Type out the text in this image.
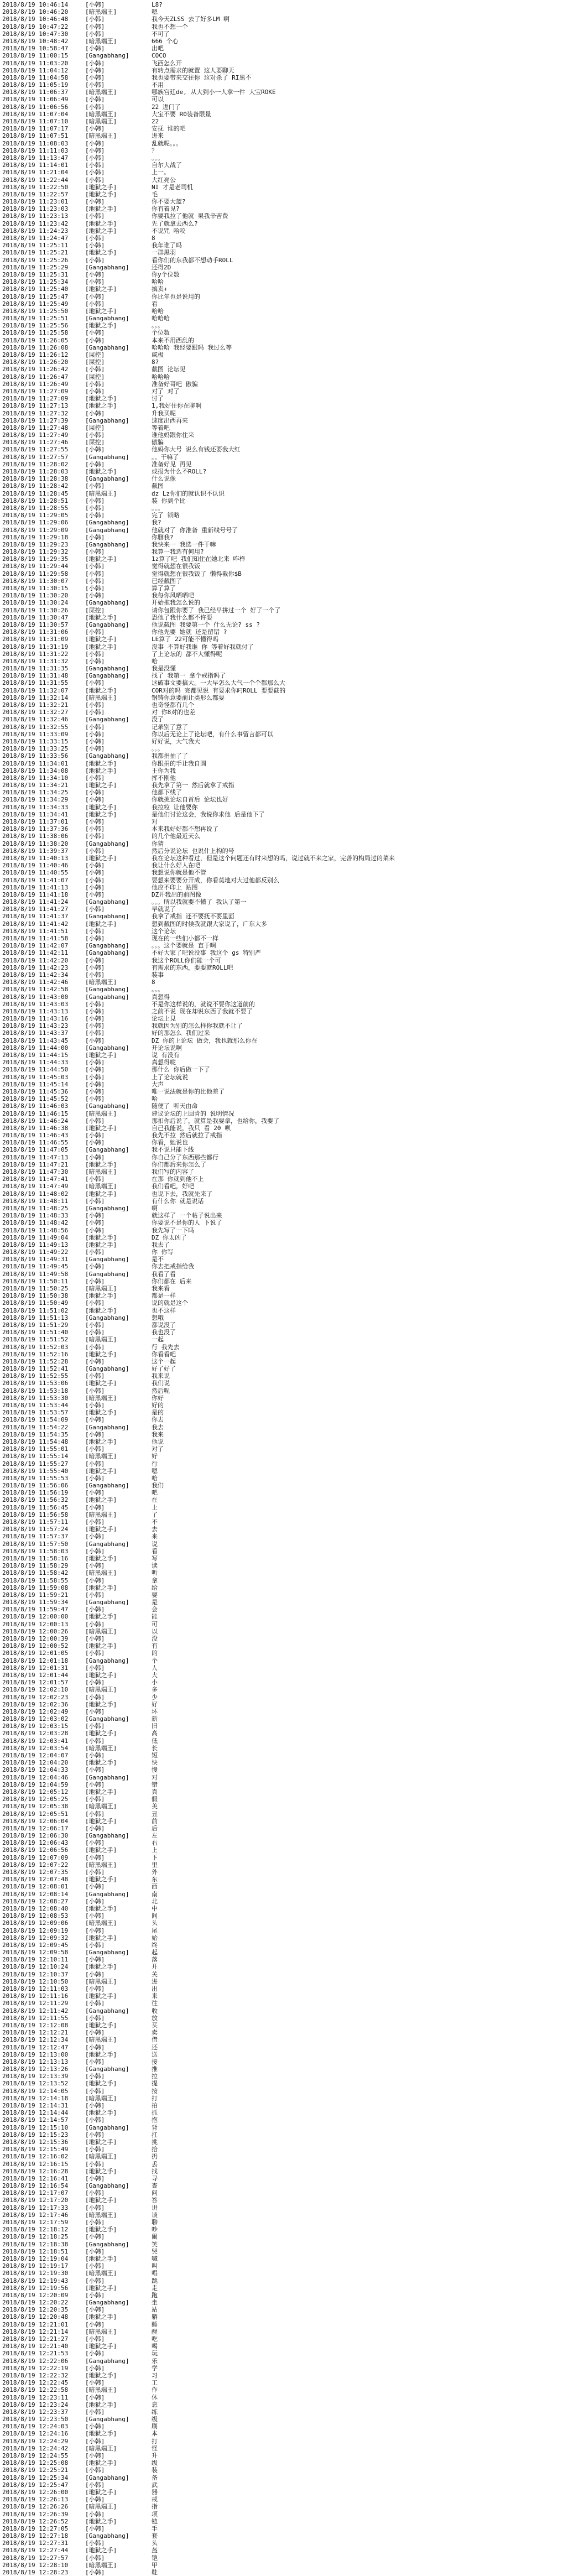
2018/8/19 10:46:14	[小韩]	L8?
2018/8/19 10:46:20	[暗黑端王]	嗯
2018/8/19 10:46:48	[小韩]	我今天ZLSS 去了好多LM 啊
2018/8/19 10:47:22	[小韩]	我也不想一个
2018/8/19 10:47:30	[小韩]	不可了
2018/8/19 10:48:42	[暗黑端王]	666 个心
2018/8/19 10:58:47	[小韩]	出吧
2018/8/19 11:00:15	[Gangabhang]	COCO
2018/8/19 11:03:20	[小韩]	飞西怎么开
2018/8/19 11:04:12	[小韩]	有转点需求的就置 这人要聊天
2018/8/19 11:04:58	[小韩]	我也要带来交往你 这对杀了 RI黑不
2018/8/19 11:05:19	[小韩]	不用
2018/8/19 11:06:37	[暗黑端王]	哪族宫廷de, 从大到小一人拿一件 大宝ROKE
2018/8/19 11:06:49	[小韩]	可以
2018/8/19 11:06:56	[小韩]	22 进门了
2018/8/19 11:07:04	[暗黑端王]	大宝不要 R0装备限量
2018/8/19 11:07:10	[暗黑端王]	22
2018/8/19 11:07:17	[小韩]	安抚 谁的吧
2018/8/19 11:07:51	[暗黑端王]	进来
2018/8/19 11:08:03	[小韩]	乱就呢。。。
2018/8/19 11:11:03	[小韩]	？
2018/8/19 11:13:47	[小韩]	。。。
2018/8/19 11:14:01	[小韩]	自尔大战了
2018/8/19 11:21:04	[小韩]	上一。
2018/8/19 11:22:44	[小韩]	大红亮公
2018/8/19 11:22:50	[地狱之手]	NI 才是老司机
2018/8/19 11:22:57	[地狱之手]	毛
2018/8/19 11:23:01	[小韩]	你不要大蓝?
2018/8/19 11:23:03	[地狱之手]	你有着见?
2018/8/19 11:23:13	[小韩]	你要我拉了他就 果我辛苦费
2018/8/19 11:23:42	[地狱之手]	先了就拿去西么?
2018/8/19 11:24:23	[地狱之手]	不说咒 哈咬
2018/8/19 11:24:47	[小韩]	8
2018/8/19 11:25:11	[小韩]	我年谁了吗
2018/8/19 11:25:21	[地狱之手]	一群黑羽
2018/8/19 11:25:26	[小韩]	看你们的东我都不想动手ROLL
2018/8/19 11:25:29	[Gangabhang]	还得2D
2018/8/19 11:25:31	[小韩]	你y个位数
2018/8/19 11:25:34	[小韩]	哈哈
2018/8/19 11:25:40	[地狱之手]	搞卖+
2018/8/19 11:25:47	[小韩]	你比年也是说用的
2018/8/19 11:25:49	[小韩]	看
2018/8/19 11:25:50	[地狱之手]	哈哈
2018/8/19 11:25:51	[Gangabhang]	哈哈哈
2018/8/19 11:25:56	[地狱之手]	。。。
2018/8/19 11:25:58	[小韩]	个位数
2018/8/19 11:26:05	[小韩]	本来不用西乱的
2018/8/19 11:26:08	[Gangabhang]	哈哈哈 我经要跟吗 我过么等
2018/8/19 11:26:12	[屎控]	咸极
2018/8/19 11:26:20	[屎控]	8?
2018/8/19 11:26:42	[小韩]	截图 论坛见
2018/8/19 11:26:47	[屎控]	哈哈哈
2018/8/19 11:26:49	[小韩]	准备好哥吧 傲骗
2018/8/19 11:27:09	[小韩]	对了 对了
2018/8/19 11:27:09	[地狱之手]	讨了
2018/8/19 11:27:13	[地狱之手]	1,我好住你在聊啊
2018/8/19 11:27:32	[小韩]	升我买呢
2018/8/19 11:27:39	[Gangabhang]	速度出西再来
2018/8/19 11:27:48	[屎控]	等着吧
2018/8/19 11:27:49	[小韩]	谁他妈跟你住来
2018/8/19 11:27:46	[屎控]	傲骗
2018/8/19 11:27:55	[小韩]	他妈你大号 说么有钱还要我大红
2018/8/19 11:27:57	[Gangabhang]	。。干嘛了
2018/8/19 11:28:02	[小韩]	准备好见 再见
2018/8/19 11:28:03	[地狱之手]	或报为什么不ROLL?
2018/8/19 11:28:38	[Gangabhang]	什么说像
2018/8/19 11:28:42	[小韩]	截图
2018/8/19 11:28:45	[暗黑端王]	dz Lz你们的就认识不认识
2018/8/19 11:28:51	[小韩]	装 你到个比
2018/8/19 11:28:55	[小韩]	。。。
2018/8/19 11:29:05	[小韩]	完了 锁略
2018/8/19 11:29:06	[Gangabhang]	我?
2018/8/19 11:29:09	[Gangabhang]	他就对了 你淮备 重新线号号了
2018/8/19 11:29:18	[小韩]	你删我?
2018/8/19 11:29:23	[Gangabhang]	我快来一 我选一件干嘛
2018/8/19 11:29:32	[小韩]	我算一我选有何用?
2018/8/19 11:29:35	[地狱之手]	1z算了吧 我们知住在她北来 咋样
2018/8/19 11:29:44	[小韩]	觉得就想在很我饭
2018/8/19 11:29:58	[小韩]	觉得就想在很我饭了 懒得截你$B
2018/8/19 11:30:07	[小韩]	已经截图了
2018/8/19 11:30:15	[小韩]	算了算了
2018/8/19 11:30:20	[小韩]	我每你风晒晒吧
2018/8/19 11:30:24	[Gangabhang]	开始拖我怎么说的
2018/8/19 11:30:26	[屎控]	请你包跟你要了 我已经早拼过一个 好了一个了
2018/8/19 11:30:47	[地狱之手]	恐他了我什么都不许要
2018/8/19 11:30:57	[Gangabhang]	他说截图 我要第一个 什么无论? ss ?
2018/8/19 11:31:06	[小韩]	你他先要 她就 还是留错 ?
2018/8/19 11:31:09	[地狱之手]	LE算了 22可能不懂得吗
2018/8/19 11:31:19	[地狱之手]	没事 不算好我谁 你 等着好我就付了
2018/8/19 11:31:22	[小韩]	了上论坛的 都不大懂得呢
2018/8/19 11:31:32	[小韩]	哈
2018/8/19 11:31:35	[Gangabhang]	我是没懂
2018/8/19 11:31:48	[Gangabhang]	找了 我第一 拿个戒指吗了
2018/8/19 11:31:55	[小韩]	这破事文要搞大。一大早怎么大气一个个都那么大
2018/8/19 11:32:07	[地狱之手]	COR对的吗 完都见说 有要求你叼ROLL 要要截的
2018/8/19 11:32:14	[暗黑端王]	钢铸你意要前让类形么都要
2018/8/19 11:32:21	[小韩]	也奇怪都有几个
2018/8/19 11:32:27	[小韩]	对 你8对的也差
2018/8/19 11:32:46	[Gangabhang]	没了
2018/8/19 11:32:55	[小韩]	记录别了意了
2018/8/19 11:33:09	[小韩]	你以后无论上了论坛吧，有什么事留言都可以
2018/8/19 11:33:15	[小韩]	好好说，大气我大
2018/8/19 11:33:25	[小韩]	。。。
2018/8/19 11:33:56	[Gangabhang]	我都捐抽了了
2018/8/19 11:34:01	[地狱之手]	你跟捐的手让我自圆
2018/8/19 11:34:08	[地狱之手]	王你为我
2018/8/19 11:34:10	[小韩]	挥不刚他
2018/8/19 11:34:21	[地狱之手]	我先拿了第一 然后就拿了戒指
2018/8/19 11:34:25	[小韩]	他都下线了
2018/8/19 11:34:29	[小韩]	你就挑论坛自首后 论坛也好
2018/8/19 11:34:33	[地狱之手]	我拉粒 让他要你
2018/8/19 11:34:41	[地狱之手]	是他们讨论这会，我说你求他 后是他下了
2018/8/19 11:37:01	[小韩]	对
2018/8/19 11:37:36	[小韩]	本来我好好都不想再说了
2018/8/19 11:38:06	[小韩]	的几个他最近天么
2018/8/19 11:38:20	[Gangabhang]	你猜
2018/8/19 11:39:37	[小韩]	然后分说论坛 也说什上构的号
2018/8/19 11:40:13	[地狱之手]	我在论坛这种看过，但是这个问题还有时来想的吗，说过就不来之家，完善的构局过的菜来
2018/8/19 11:40:46	[小韩]	我让什么好人在吧
2018/8/19 11:40:55	[小韩]	我想说你就是他不管
2018/8/19 11:41:07	[小韩]	要想来要要分开成，你看莫地对大过他都反别么
2018/8/19 11:41:13	[小韩]	他应不印上 贴图
2018/8/19 11:41:18	[小韩]	DZ开我出的前图像
2018/8/19 11:41:24	[Gangabhang]	。。。所以我就要不懂了 我认了第一
2018/8/19 11:41:27	[小韩]	早就说了
2018/8/19 11:41:37	[Gangabhang]	我拿了戒指 还不要抚不要里面
2018/8/19 11:41:42	[地狱之手]	想到截图的时候我就跟大家说了，广东大多
2018/8/19 11:41:51	[小韩]	这个论坛
2018/8/19 11:41:58	[小韩]	现在的一些们小都不一样
2018/8/19 11:42:07	[Gangabhang]	。。。这个要就是 直于啊
2018/8/19 11:42:11	[Gangabhang]	不好大家了吧说没事 我这个 gs 特别严
2018/8/19 11:42:20	[小韩]	我这个ROLL你们能一个可
2018/8/19 11:42:23	[小韩]	有需求的东西，要要就ROLL吧
2018/8/19 11:42:34	[小韩]	装事
2018/8/19 11:42:46	[暗黑端王]	8
2018/8/19 11:42:58	[Gangabhang]	。。。
2018/8/19 11:43:00	[Gangabhang]	真想得
2018/8/19 11:43:03	[小韩]	不是你这样说的，就说不要你这道前的
2018/8/19 11:43:13	[小韩]	之前不说 现在却说东西了我就不要了
2018/8/19 11:43:16	[小韩]	论坛上見
2018/8/19 11:43:23	[小韩]	我就因为别的怎么样你我就不让了
2018/8/19 11:43:37	[小韩]	好的那怎么 我们过来
2018/8/19 11:43:45	[小韩]	DZ 你的上论坛 做会，我也就那么你在
2018/8/19 11:44:00	[Gangabhang]	开论坛说啊
2018/8/19 11:44:15	[地狱之手]	说 有没有
2018/8/19 11:44:33	[小韩]	真想得咙
2018/8/19 11:44:50	[小韩]	那什么 你后做一下了
2018/8/19 11:45:03	[小韩]	上了论坛就说
2018/8/19 11:45:14	[小韩]	大声
2018/8/19 11:45:36	[小韩]	唯一说法就是你的比他差了
2018/8/19 11:45:52	[小韩]	哈
2018/8/19 11:46:03	[Gangabhang]	随便了 听天由命
2018/8/19 11:46:15	[暗黑端王]	建议论坛的上回肯的 说明情况
2018/8/19 11:46:24	[小韩]	那扣你后说了，就算是我要拿，也给你，我要了
2018/8/19 11:46:38	[地狱之手]	自己我能说，我只 看 20 呗
2018/8/19 11:46:43	[小韩]	我先不拉 然后就拉了戒指
2018/8/19 11:46:55	[小韩]	你看，她说也
2018/8/19 11:47:05	[Gangabhang]	我不说只能下线
2018/8/19 11:47:13	[小韩]	你自己分了东西那些都行
2018/8/19 11:47:21	[地狱之手]	你们都后来你怎么了
2018/8/19 11:47:30	[暗黑端王]	我们写的内容了
2018/8/19 11:47:41	[小韩]	在那 你就到他不上
2018/8/19 11:47:49	[暗黑端王]	我们看吧，好吧
2018/8/19 11:48:02	[地狱之手]	也说下去，我就先来了
2018/8/19 11:48:11	[小韩]	有什么你 就是说话
2018/8/19 11:48:25	[Gangabhang]	啊
2018/8/19 11:48:33	[小韩]	就这样了 一个帖子说出来
2018/8/19 11:48:42	[小韩]	你要说不是你的人 下说了
2018/8/19 11:48:56	[小韩]	我先写了一下吗
2018/8/19 11:49:04	[地狱之手]	DZ 你太凶了
2018/8/19 11:49:13	[地狱之手]	我去了
2018/8/19 11:49:22	[小韩]	你 你写
2018/8/19 11:49:31	[Gangabhang]	是不
2018/8/19 11:49:45	[小韩]	你去把戒指给我
2018/8/19 11:49:58	[Gangabhang]	我看了看
2018/8/19 11:50:11	[小韩]	你们都在 后来
2018/8/19 11:50:25	[暗黑端王]	我来看
2018/8/19 11:50:38	[地狱之手]	都是一样
2018/8/19 11:50:49	[小韩]	说的就是这个
2018/8/19 11:51:02	[地狱之手]	也不这样
2018/8/19 11:51:13	[Gangabhang]	想哦
2018/8/19 11:51:29	[小韩]	都说没了
2018/8/19 11:51:40	[小韩]	我也没了
2018/8/19 11:51:52	[暗黑端王]	一起
2018/8/19 11:52:03	[小韩]	行 我先去
2018/8/19 11:52:16	[地狱之手]	你看看吧
2018/8/19 11:52:28	[小韩]	这个一起
2018/8/19 11:52:41	[Gangabhang]	好了好了
2018/8/19 11:52:55	[小韩]	我来说
2018/8/19 11:53:06	[地狱之手]	我们说
2018/8/19 11:53:18	[小韩]	然后呢
2018/8/19 11:53:30	[暗黑端王]	你好
2018/8/19 11:53:44	[小韩]	好的
2018/8/19 11:53:57	[地狱之手]	是的
2018/8/19 11:54:09	[小韩]	你去
2018/8/19 11:54:22	[Gangabhang]	我去
2018/8/19 11:54:35	[小韩]	我来
2018/8/19 11:54:48	[地狱之手]	他说
2018/8/19 11:55:01	[小韩]	对了
2018/8/19 11:55:14	[暗黑端王]	好
2018/8/19 11:55:27	[小韩]	行
2018/8/19 11:55:40	[地狱之手]	嗯
2018/8/19 11:55:53	[小韩]	哈
2018/8/19 11:56:06	[Gangabhang]	我们
2018/8/19 11:56:19	[小韩]	吧
2018/8/19 11:56:32	[地狱之手]	在
2018/8/19 11:56:45	[小韩]	上
2018/8/19 11:56:58	[暗黑端王]	了
2018/8/19 11:57:11	[小韩]	不
2018/8/19 11:57:24	[地狱之手]	去
2018/8/19 11:57:37	[小韩]	来
2018/8/19 11:57:50	[Gangabhang]	说
2018/8/19 11:58:03	[小韩]	看
2018/8/19 11:58:16	[地狱之手]	写
2018/8/19 11:58:29	[小韩]	读
2018/8/19 11:58:42	[暗黑端王]	听
2018/8/19 11:58:55	[小韩]	拿
2018/8/19 11:59:08	[地狱之手]	给
2018/8/19 11:59:21	[小韩]	要
2018/8/19 11:59:34	[Gangabhang]	是
2018/8/19 11:59:47	[小韩]	会
2018/8/19 12:00:00	[地狱之手]	能
2018/8/19 12:00:13	[小韩]	可
2018/8/19 12:00:26	[暗黑端王]	以
2018/8/19 12:00:39	[小韩]	没
2018/8/19 12:00:52	[地狱之手]	有
2018/8/19 12:01:05	[小韩]	的
2018/8/19 12:01:18	[Gangabhang]	个
2018/8/19 12:01:31	[小韩]	人
2018/8/19 12:01:44	[地狱之手]	大
2018/8/19 12:01:57	[小韩]	小
2018/8/19 12:02:10	[暗黑端王]	多
2018/8/19 12:02:23	[小韩]	少
2018/8/19 12:02:36	[地狱之手]	好
2018/8/19 12:02:49	[小韩]	坏
2018/8/19 12:03:02	[Gangabhang]	新
2018/8/19 12:03:15	[小韩]	旧
2018/8/19 12:03:28	[地狱之手]	高
2018/8/19 12:03:41	[小韩]	低
2018/8/19 12:03:54	[暗黑端王]	长
2018/8/19 12:04:07	[小韩]	短
2018/8/19 12:04:20	[地狱之手]	快
2018/8/19 12:04:33	[小韩]	慢
2018/8/19 12:04:46	[Gangabhang]	对
2018/8/19 12:04:59	[小韩]	错
2018/8/19 12:05:12	[地狱之手]	真
2018/8/19 12:05:25	[小韩]	假
2018/8/19 12:05:38	[暗黑端王]	美
2018/8/19 12:05:51	[小韩]	丑
2018/8/19 12:06:04	[地狱之手]	前
2018/8/19 12:06:17	[小韩]	后
2018/8/19 12:06:30	[Gangabhang]	左
2018/8/19 12:06:43	[小韩]	右
2018/8/19 12:06:56	[地狱之手]	上
2018/8/19 12:07:09	[小韩]	下
2018/8/19 12:07:22	[暗黑端王]	里
2018/8/19 12:07:35	[小韩]	外
2018/8/19 12:07:48	[地狱之手]	东
2018/8/19 12:08:01	[小韩]	西
2018/8/19 12:08:14	[Gangabhang]	南
2018/8/19 12:08:27	[小韩]	北
2018/8/19 12:08:40	[地狱之手]	中
2018/8/19 12:08:53	[小韩]	间
2018/8/19 12:09:06	[暗黑端王]	头
2018/8/19 12:09:19	[小韩]	尾
2018/8/19 12:09:32	[地狱之手]	始
2018/8/19 12:09:45	[小韩]	终
2018/8/19 12:09:58	[Gangabhang]	起
2018/8/19 12:10:11	[小韩]	落
2018/8/19 12:10:24	[地狱之手]	开
2018/8/19 12:10:37	[小韩]	关
2018/8/19 12:10:50	[暗黑端王]	进
2018/8/19 12:11:03	[小韩]	出
2018/8/19 12:11:16	[地狱之手]	来
2018/8/19 12:11:29	[小韩]	往
2018/8/19 12:11:42	[Gangabhang]	收
2018/8/19 12:11:55	[小韩]	放
2018/8/19 12:12:08	[地狱之手]	买
2018/8/19 12:12:21	[小韩]	卖
2018/8/19 12:12:34	[暗黑端王]	借
2018/8/19 12:12:47	[小韩]	还
2018/8/19 12:13:00	[地狱之手]	送
2018/8/19 12:13:13	[小韩]	接
2018/8/19 12:13:26	[Gangabhang]	推
2018/8/19 12:13:39	[小韩]	拉
2018/8/19 12:13:52	[地狱之手]	提
2018/8/19 12:14:05	[小韩]	按
2018/8/19 12:14:18	[暗黑端王]	打
2018/8/19 12:14:31	[小韩]	拍
2018/8/19 12:14:44	[地狱之手]	抓
2018/8/19 12:14:57	[小韩]	抱
2018/8/19 12:15:10	[Gangabhang]	背
2018/8/19 12:15:23	[小韩]	扛
2018/8/19 12:15:36	[地狱之手]	挑
2018/8/19 12:15:49	[小韩]	拾
2018/8/19 12:16:02	[暗黑端王]	扔
2018/8/19 12:16:15	[小韩]	丢
2018/8/19 12:16:28	[地狱之手]	找
2018/8/19 12:16:41	[小韩]	寻
2018/8/19 12:16:54	[Gangabhang]	查
2018/8/19 12:17:07	[小韩]	问
2018/8/19 12:17:20	[地狱之手]	答
2018/8/19 12:17:33	[小韩]	讲
2018/8/19 12:17:46	[暗黑端王]	谈
2018/8/19 12:17:59	[小韩]	聊
2018/8/19 12:18:12	[地狱之手]	吵
2018/8/19 12:18:25	[小韩]	闹
2018/8/19 12:18:38	[Gangabhang]	笑
2018/8/19 12:18:51	[小韩]	哭
2018/8/19 12:19:04	[地狱之手]	喊
2018/8/19 12:19:17	[小韩]	叫
2018/8/19 12:19:30	[暗黑端王]	唱
2018/8/19 12:19:43	[小韩]	跳
2018/8/19 12:19:56	[地狱之手]	走
2018/8/19 12:20:09	[小韩]	跑
2018/8/19 12:20:22	[Gangabhang]	坐
2018/8/19 12:20:35	[小韩]	站
2018/8/19 12:20:48	[地狱之手]	躺
2018/8/19 12:21:01	[小韩]	睡
2018/8/19 12:21:14	[暗黑端王]	醒
2018/8/19 12:21:27	[小韩]	吃
2018/8/19 12:21:40	[地狱之手]	喝
2018/8/19 12:21:53	[小韩]	玩
2018/8/19 12:22:06	[Gangabhang]	乐
2018/8/19 12:22:19	[小韩]	学
2018/8/19 12:22:32	[地狱之手]	习
2018/8/19 12:22:45	[小韩]	工
2018/8/19 12:22:58	[暗黑端王]	作
2018/8/19 12:23:11	[小韩]	休
2018/8/19 12:23:24	[地狱之手]	息
2018/8/19 12:23:37	[小韩]	练
2018/8/19 12:23:50	[Gangabhang]	级
2018/8/19 12:24:03	[小韩]	刷
2018/8/19 12:24:16	[地狱之手]	本
2018/8/19 12:24:29	[小韩]	打
2018/8/19 12:24:42	[暗黑端王]	怪
2018/8/19 12:24:55	[小韩]	升
2018/8/19 12:25:08	[地狱之手]	级
2018/8/19 12:25:21	[小韩]	装
2018/8/19 12:25:34	[Gangabhang]	备
2018/8/19 12:25:47	[小韩]	武
2018/8/19 12:26:00	[地狱之手]	器
2018/8/19 12:26:13	[小韩]	戒
2018/8/19 12:26:26	[暗黑端王]	指
2018/8/19 12:26:39	[小韩]	项
2018/8/19 12:26:52	[地狱之手]	链
2018/8/19 12:27:05	[小韩]	手
2018/8/19 12:27:18	[Gangabhang]	套
2018/8/19 12:27:31	[小韩]	头
2018/8/19 12:27:44	[地狱之手]	盔
2018/8/19 12:27:57	[小韩]	铠
2018/8/19 12:28:10	[暗黑端王]	甲
2018/8/19 12:28:23	[小韩]	鞋
